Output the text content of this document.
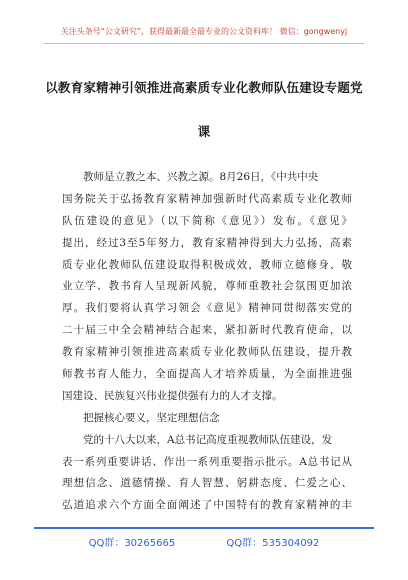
关注头条号“公文研究”，获得最新最全最专业的公文资料库！ 微信：gongwenyj
以教育家精神引领推进高素质专业化教师队伍建设专题党
课
教师是立教之本、兴教之源。8月26日，《中共中央
国务院关于弘扬教育家精神加强新时代高素质专业化教师
队伍建设的意见》（以下简称《意见》）发布。《意见》
提出，经过3至5年努力，教育家精神得到大力弘扬，高素
质专业化教师队伍建设取得积极成效，教师立德修身、敬
业立学、教书育人呈现新风貌，尊师重教社会氛围更加浓
厚。我们要将认真学习领会《意见》精神同贯彻落实党的
二十届三中全会精神结合起来，紧扣新时代教育使命，以
教育家精神引领推进高素质专业化教师队伍建设，提升教
师教书育人能力，全面提高人才培养质量，为全面推进强
国建设、民族复兴伟业提供强有力的人才支撑。
把握核心要义，坚定理想信念
党的十八大以来，A总书记高度重视教师队伍建设，发
表一系列重要讲话、作出一系列重要指示批示。A总书记从
理想信念、道德情操、育人智慧、躬耕态度、仁爱之心、
弘道追求六个方面全面阐述了中国特有的教育家精神的丰
QQ群：30265665	QQ群：535304092
